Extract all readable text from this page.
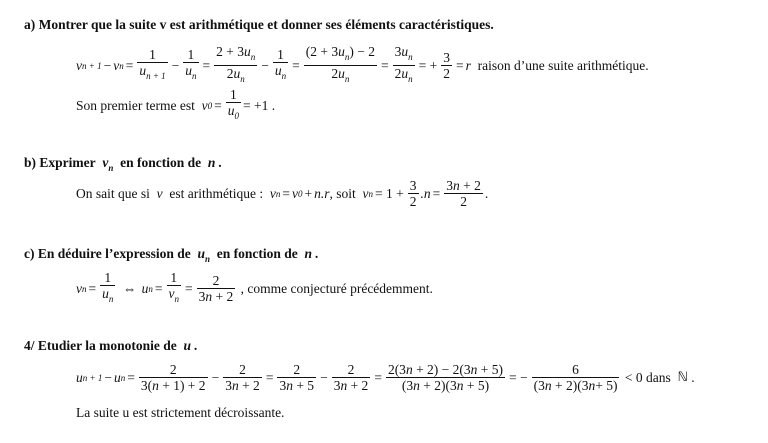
a) Montrer que la suite v est arithmétique et donner ses éléments caractéristiques.
v n + 1 − v $n = \frac{1}{u_{n + 1}} - \frac{1}{u_n} = \frac{2 + 3u_n}{2u_n} - \frac{1}{u_n} = \frac{(2 + 3u_n) - 2}{2u_n} = \frac{3u_n}{2u_n}$ = + $\frac{3}{2} = r$
raison d’une suite arithmétique.
Son premier terme est
v $0 = \frac{1}{u_0} = +1$ .
b) Exprimer $v_n$ en fonction de n .
On sait que si
v
est arithmétique :
v n = v 0 + n.r , soit
v $n = 1 + \frac{3}{2} .n = \frac{3n + 2}{2}$ .
c) En déduire l’expression de $u_n$ en fonction de n .
v $n = \frac{1}{u_n}$ ⇔ u $n = \frac{1}{v_n} = \frac{2}{3n + 2}$
, comme conjecturé précédemment.
4/ Etudier la monotonie de u .
u n + 1 − u $n = \frac{2}{3(n + 1) + 2} - \frac{2}{3n + 2} = \frac{2}{3n + 5} - \frac{2}{3n + 2} = \frac{2(3n + 2) - 2(3n + 5)}{(3n + 2)(3n + 5)}$ = − $\frac{6}{(3n + 2)(3n+ 5)}$
< 0 dans
ℕ .
La suite u est strictement décroissante.
